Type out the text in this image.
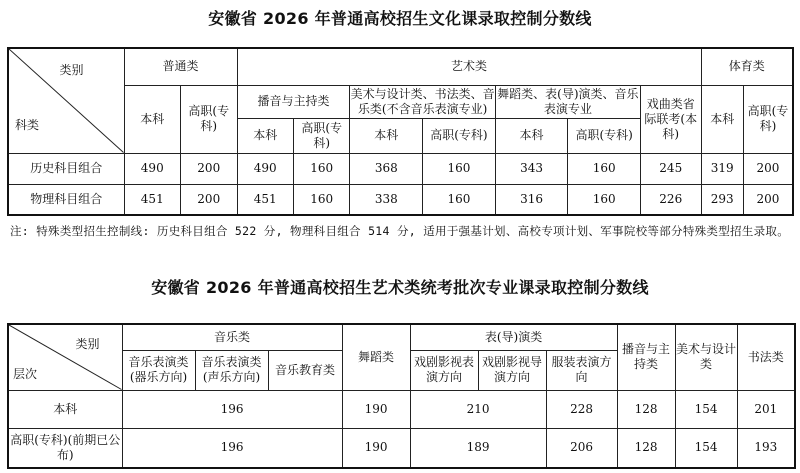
安徽省 2026 年普通高校招生文化课录取控制分数线
类别
科类	普通类		艺术类							体育类	
	本科	高职(专科)	播音与主持类		美术与设计类、书法类、音乐类(不含音乐表演专业)		舞蹈类、表(导)演类、音乐表演专业		戏曲类省际联考(本科)	本科	高职(专科)
			本科	高职(专科)	本科	高职(专科)	本科	高职(专科)			
历史科目组合	490	200	490	160	368	160	343	160	245	319	200
物理科目组合	451	200	451	160	338	160	316	160	226	293	200
注: 特殊类型招生控制线: 历史科目组合 522 分, 物理科目组合 514 分, 适用于强基计划、高校专项计划、军事院校等部分特殊类型招生录取。
安徽省 2026 年普通高校招生艺术类统考批次专业课录取控制分数线
类别
层次	音乐类			舞蹈类	表(导)演类			播音与主持类	美术与设计类	书法类
	音乐表演类(器乐方向)	音乐表演类(声乐方向)	音乐教育类		戏剧影视表演方向	戏剧影视导演方向	服装表演方向			
本科	196			190	210		228	128	154	201
高职(专科)(前期已公布)	196			190	189		206	128	154	193
